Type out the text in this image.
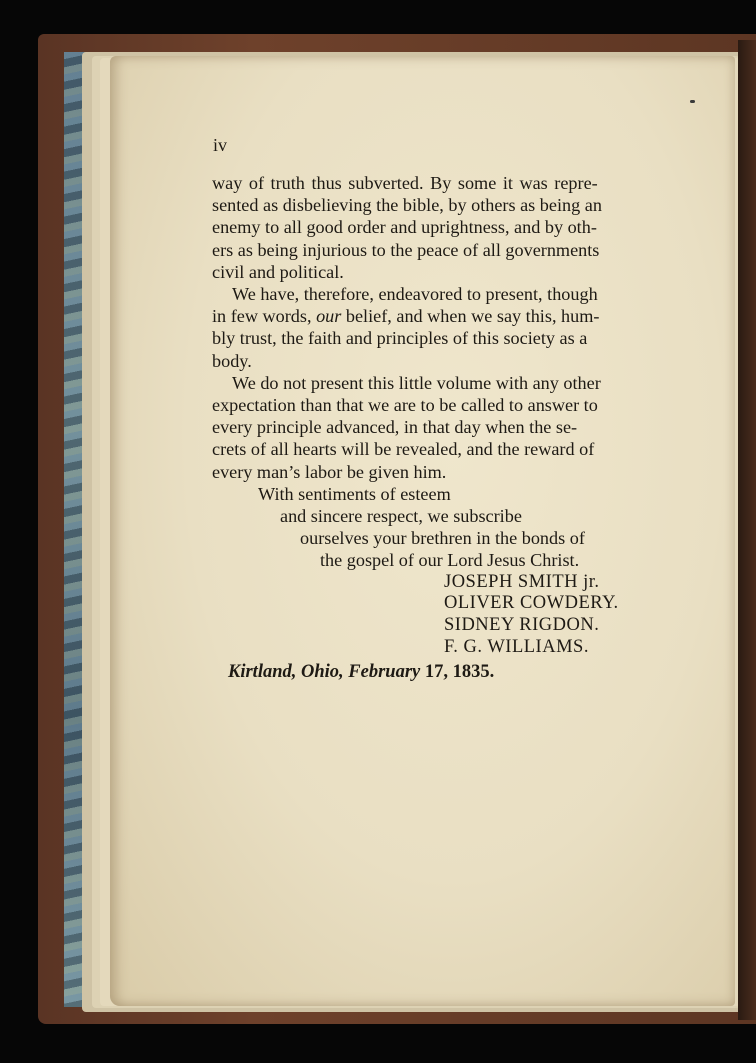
iv

way of truth thus subverted. By some it was repre-
sented as disbelieving the bible, by others as being an
enemy to all good order and uprightness, and by oth-
ers as being injurious to the peace of all governments
civil and political.

We have, therefore, endeavored to present, though
in few words, our belief, and when we say this, hum-
bly trust, the faith and principles of this society as a
body.

We do not present this little volume with any other
expectation than that we are to be called to answer to
every principle advanced, in that day when the se-
crets of all hearts will be revealed, and the reward of
every man’s labor be given him.

With sentiments of esteem
and sincere respect, we subscribe
ourselves your brethren in the bonds of
the gospel of our Lord Jesus Christ.
JOSEPH SMITH jr.
OLIVER COWDERY.
SIDNEY RIGDON.
F. G. WILLIAMS.
Kirtland, Ohio, February 17, 1835.
